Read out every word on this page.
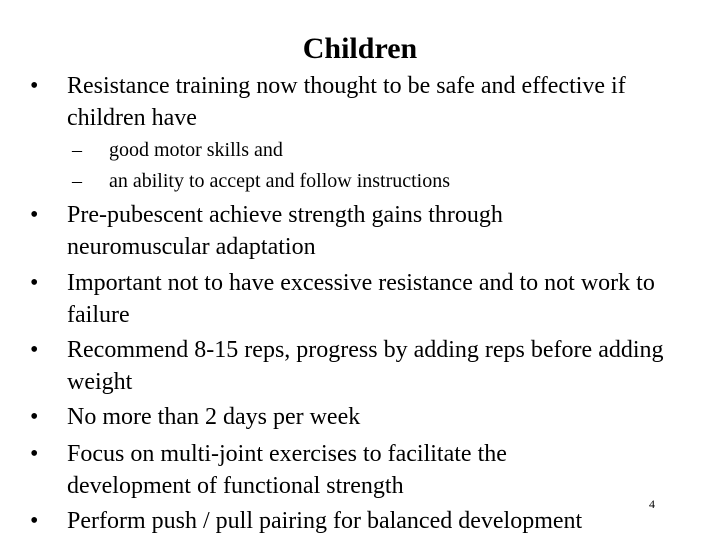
Children
•	Resistance training now thought to be safe and effective if children have
– good motor skills and
– an ability to accept and follow instructions
•	Pre-pubescent achieve strength gains through neuromuscular adaptation
•	Important not to have excessive resistance and to not work to failure
•	Recommend 8-15 reps, progress by adding reps before adding weight
•	No more than 2 days per week
•	Focus on multi-joint exercises to facilitate the development of functional strength
•	Perform push / pull pairing for balanced development
4
